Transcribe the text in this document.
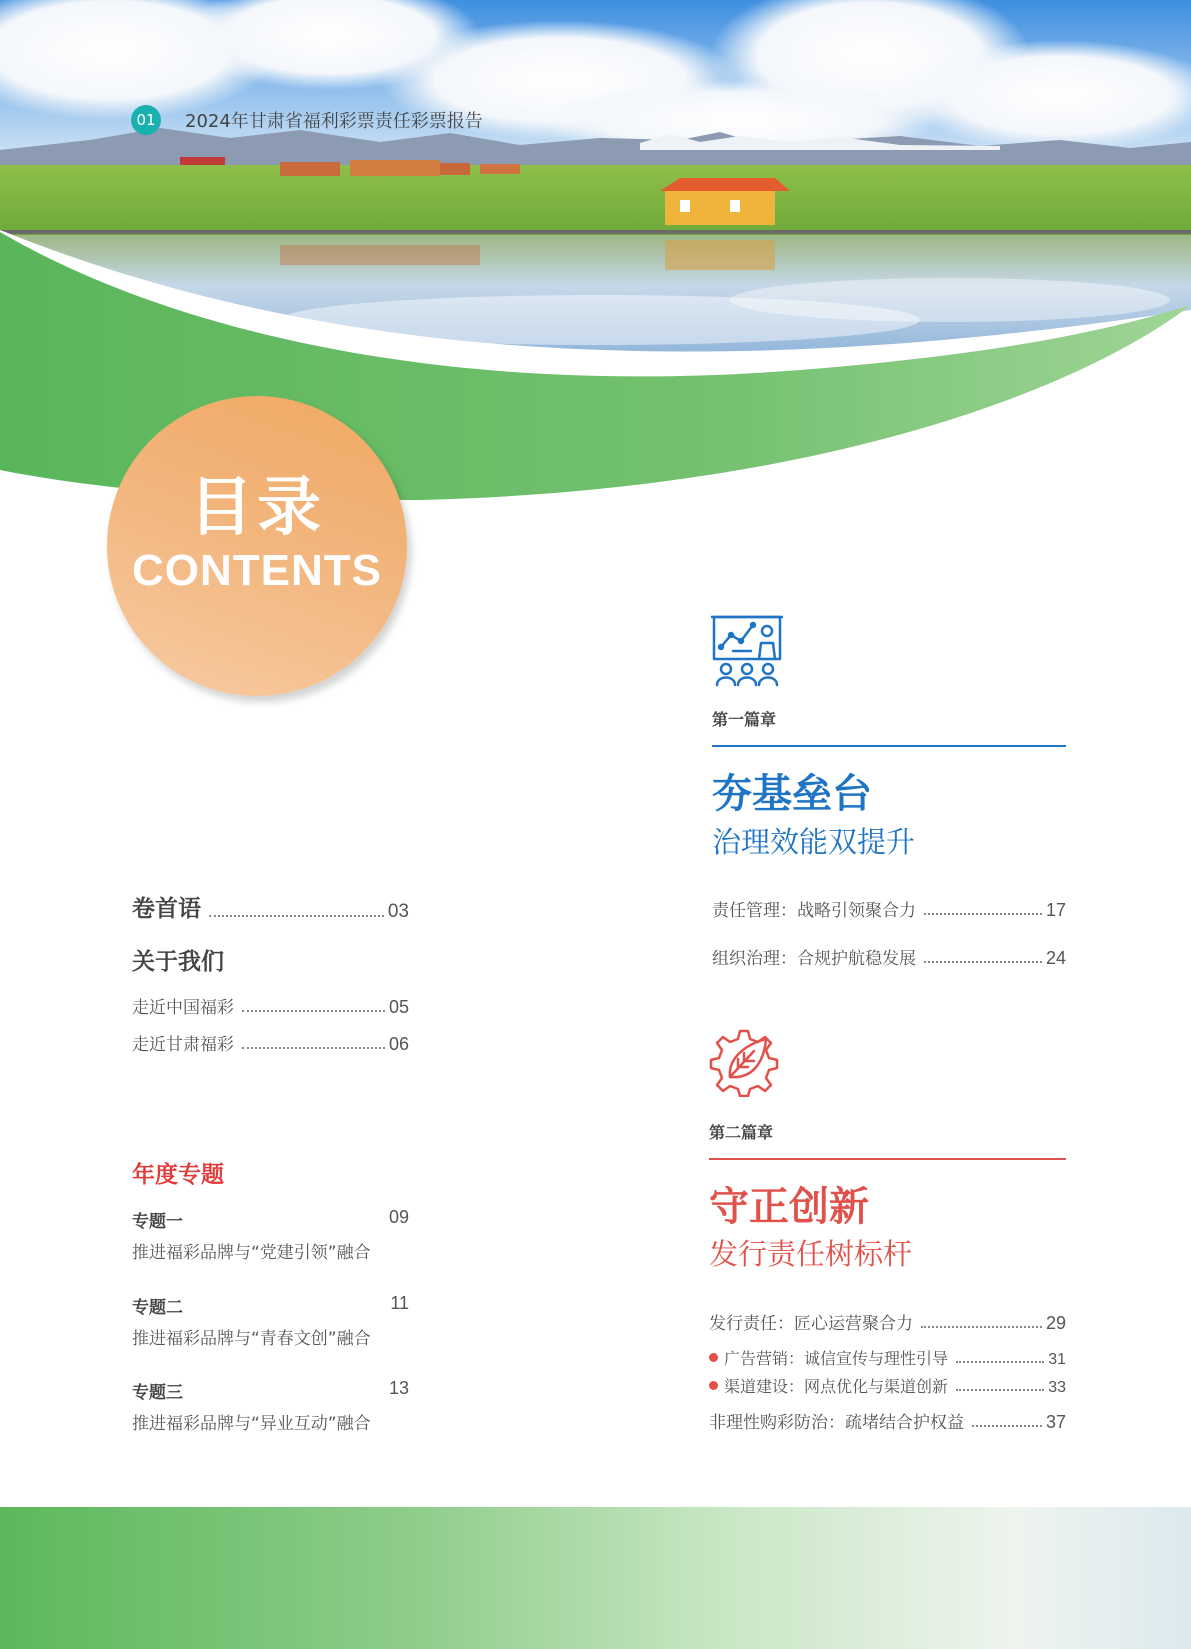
01	2024年甘肃省福利彩票责任彩票报告
目录
CONTENTS
卷首语	03
关于我们
走近中国福彩	05
走近甘肃福彩	06
年度专题
专题一	09
推进福彩品牌与“党建引领”融合
专题二	11
推进福彩品牌与“青春文创”融合
专题三	13
推进福彩品牌与“异业互动”融合
第一篇章
夯基垒台
治理效能双提升
责任管理：战略引领聚合力	17
组织治理：合规护航稳发展	24
第二篇章
守正创新
发行责任树标杆
发行责任：匠心运营聚合力	29
广告营销：诚信宣传与理性引导	31
渠道建设：网点优化与渠道创新	33
非理性购彩防治：疏堵结合护权益	37
